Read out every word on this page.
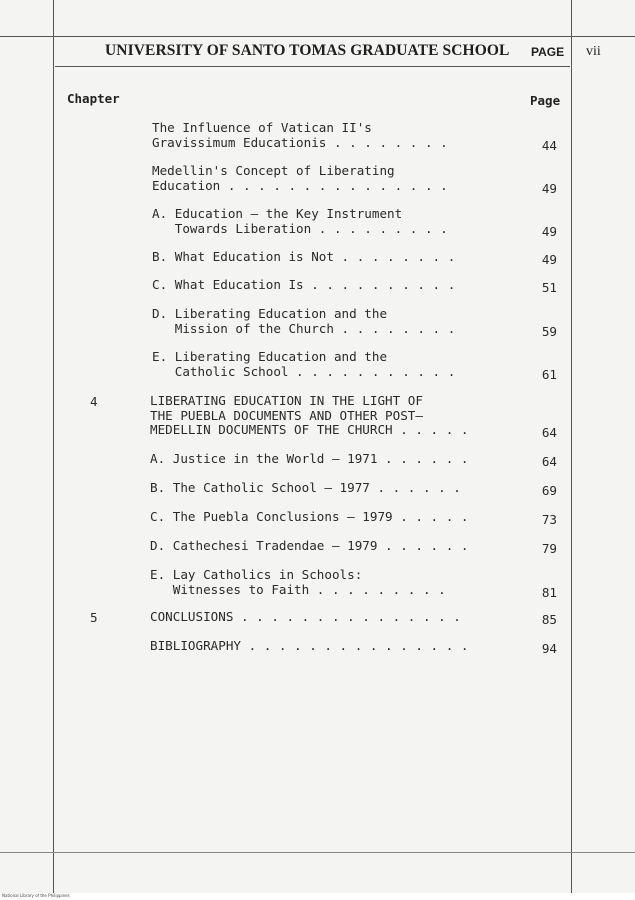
UNIVERSITY OF SANTO TOMAS GRADUATE SCHOOL PAGE vii
Chapter	Page
The Influence of Vatican II's
Gravissimum Educationis . . . . . . . .	44
Medellin's Concept of Liberating
Education . . . . . . . . . . . . . . .	49
A. Education — the Key Instrument
Towards Liberation . . . . . . . . .	49
B. What Education is Not . . . . . . . .	49
C. What Education Is . . . . . . . . . .	51
D. Liberating Education and the
Mission of the Church . . . . . . . .	59
E. Liberating Education and the
Catholic School . . . . . . . . . . .	61
4	LIBERATING EDUCATION IN THE LIGHT OF
THE PUEBLA DOCUMENTS AND OTHER POST—
MEDELLIN DOCUMENTS OF THE CHURCH . . . . .	64
A. Justice in the World — 1971 . . . . . .	64
B. The Catholic School — 1977 . . . . . .	69
C. The Puebla Conclusions — 1979 . . . . .	73
D. Cathechesi Tradendae — 1979 . . . . . .	79
E. Lay Catholics in Schools:
Witnesses to Faith . . . . . . . . .	81
5	CONCLUSIONS . . . . . . . . . . . . . . .	85
BIBLIOGRAPHY . . . . . . . . . . . . . . .	94
National Library of the Philippines
